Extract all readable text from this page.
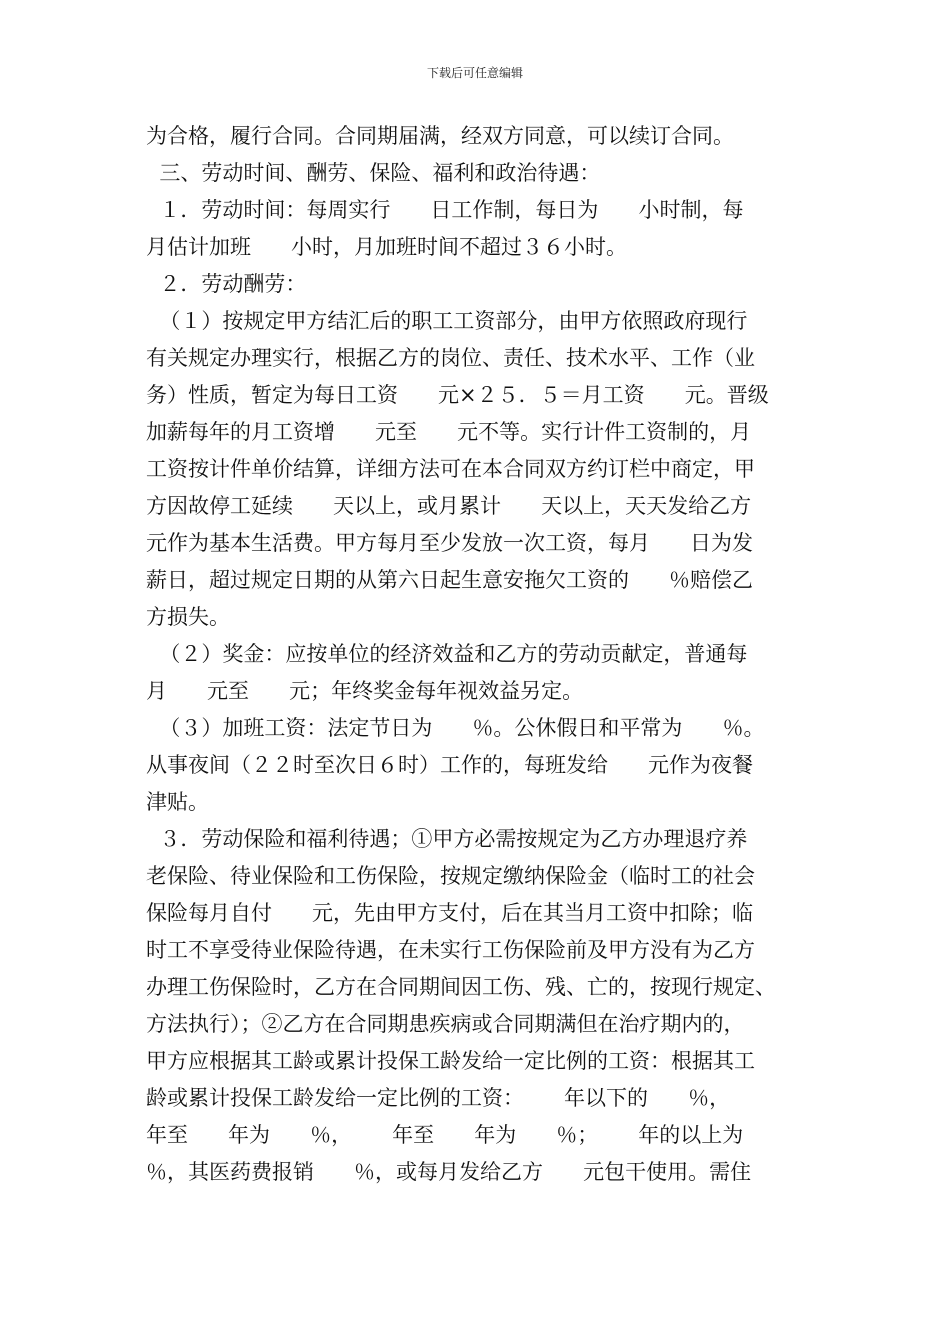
下载后可任意编辑
为合格，履行合同。合同期届满，经双方同意，可以续订合同。
三、劳动时间、酬劳、保险、福利和政治待遇：
１．劳动时间：每周实行      日工作制，每日为      小时制，每
月估计加班      小时，月加班时间不超过３６小时。
２．劳动酬劳：
（１）按规定甲方结汇后的职工工资部分，由甲方依照政府现行
有关规定办理实行，根据乙方的岗位、责任、技术水平、工作（业
务）性质，暂定为每日工资      元×２５．５＝月工资      元。晋级
加薪每年的月工资增      元至      元不等。实行计件工资制的，月
工资按计件单价结算，详细方法可在本合同双方约订栏中商定，甲
方因故停工延续      天以上，或月累计      天以上，天天发给乙方
元作为基本生活费。甲方每月至少发放一次工资，每月      日为发
薪日，超过规定日期的从第六日起生意安拖欠工资的      ％赔偿乙
方损失。
（２）奖金：应按单位的经济效益和乙方的劳动贡献定，普通每
月      元至      元；年终奖金每年视效益另定。
（３）加班工资：法定节日为      ％。公休假日和平常为      ％。
从事夜间（２２时至次日６时）工作的，每班发给      元作为夜餐
津贴。
３．劳动保险和福利待遇；①甲方必需按规定为乙方办理退疗养
老保险、待业保险和工伤保险，按规定缴纳保险金（临时工的社会
保险每月自付      元，先由甲方支付，后在其当月工资中扣除；临
时工不享受待业保险待遇，在未实行工伤保险前及甲方没有为乙方
办理工伤保险时，乙方在合同期间因工伤、残、亡的，按现行规定、
方法执行）；②乙方在合同期患疾病或合同期满但在治疗期内的，
甲方应根据其工龄或累计投保工龄发给一定比例的工资：根据其工
龄或累计投保工龄发给一定比例的工资：      年以下的      ％，
年至      年为      ％，      年至      年为      ％；      年的以上为
％，其医药费报销      ％，或每月发给乙方      元包干使用。需住
